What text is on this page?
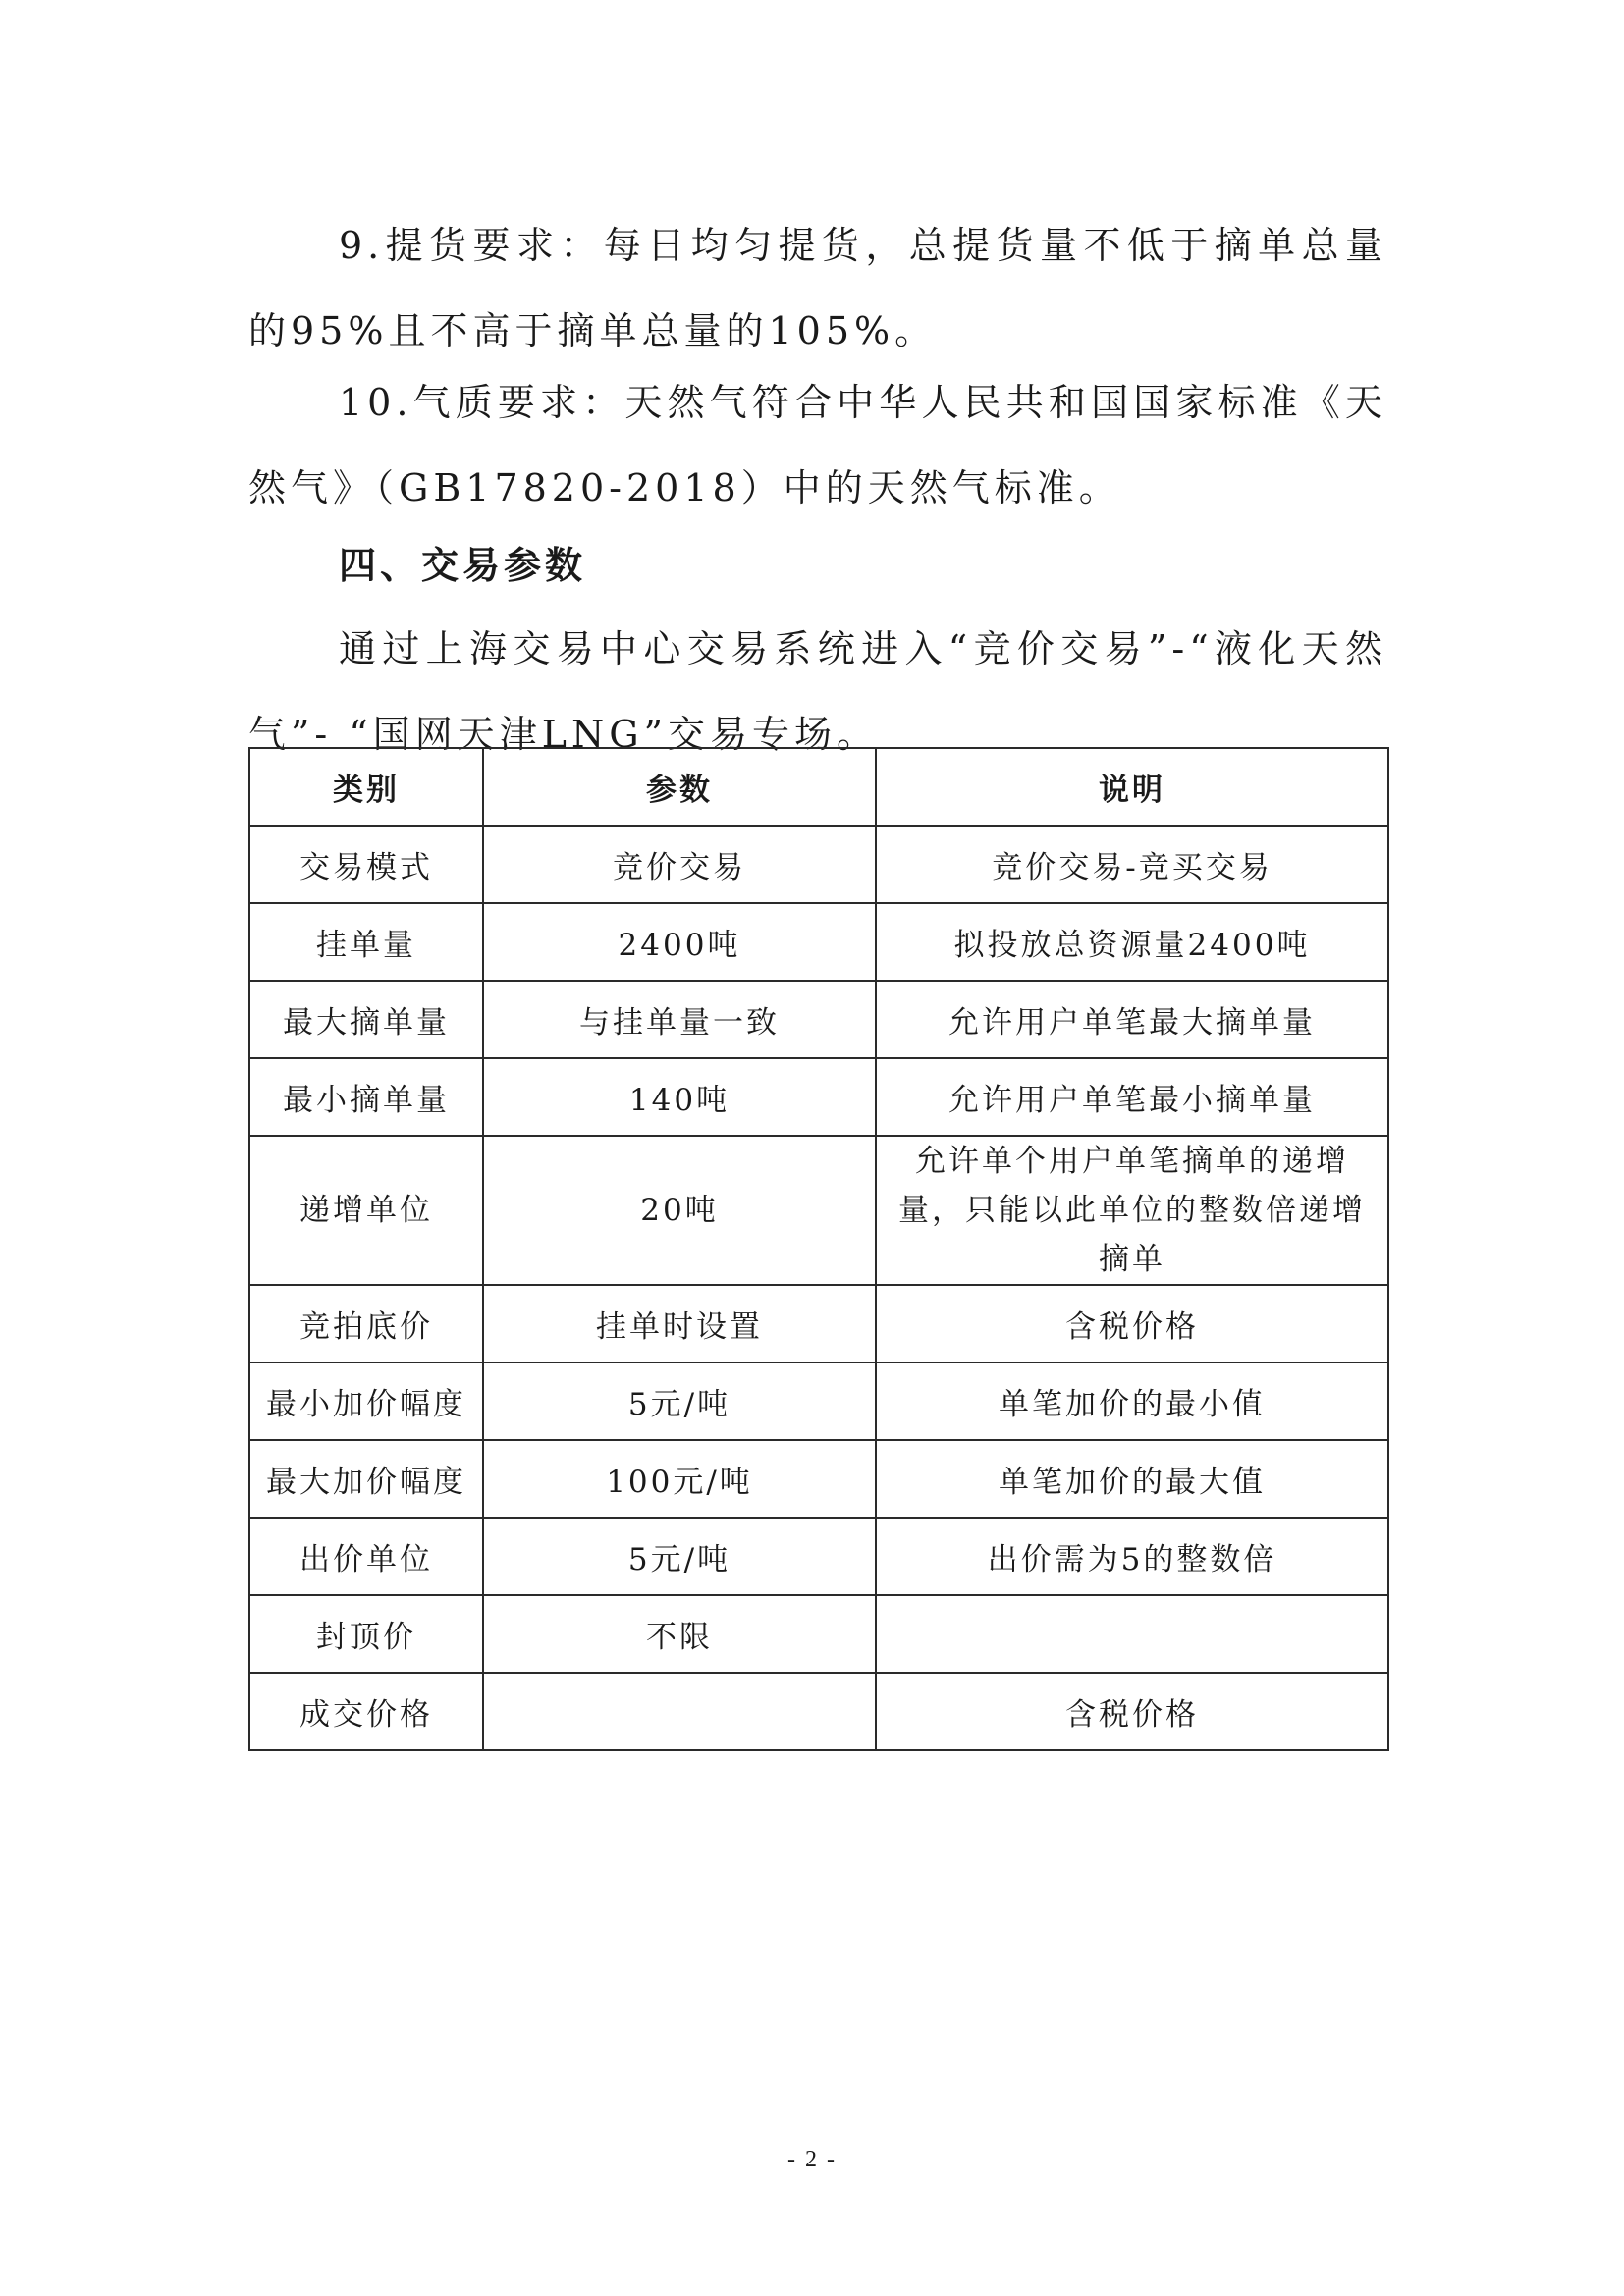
9.提货要求：每日均匀提货，总提货量不低于摘单总量的95%且不高于摘单总量的105%。

10.气质要求：天然气符合中华人民共和国国家标准《天然气》（GB17820-2018）中的天然气标准。

四、交易参数

通过上海交易中心交易系统进入“竞价交易”-“液化天然气”- “国网天津LNG”交易专场。

类别	参数	说明
交易模式	竞价交易	竞价交易-竞买交易
挂单量	2400吨	拟投放总资源量2400吨
最大摘单量	与挂单量一致	允许用户单笔最大摘单量
最小摘单量	140吨	允许用户单笔最小摘单量
递增单位	20吨	允许单个用户单笔摘单的递增量，只能以此单位的整数倍递增摘单
竞拍底价	挂单时设置	含税价格
最小加价幅度	5元/吨	单笔加价的最小值
最大加价幅度	100元/吨	单笔加价的最大值
出价单位	5元/吨	出价需为5的整数倍
封顶价	不限	
成交价格		含税价格
- 2 -
